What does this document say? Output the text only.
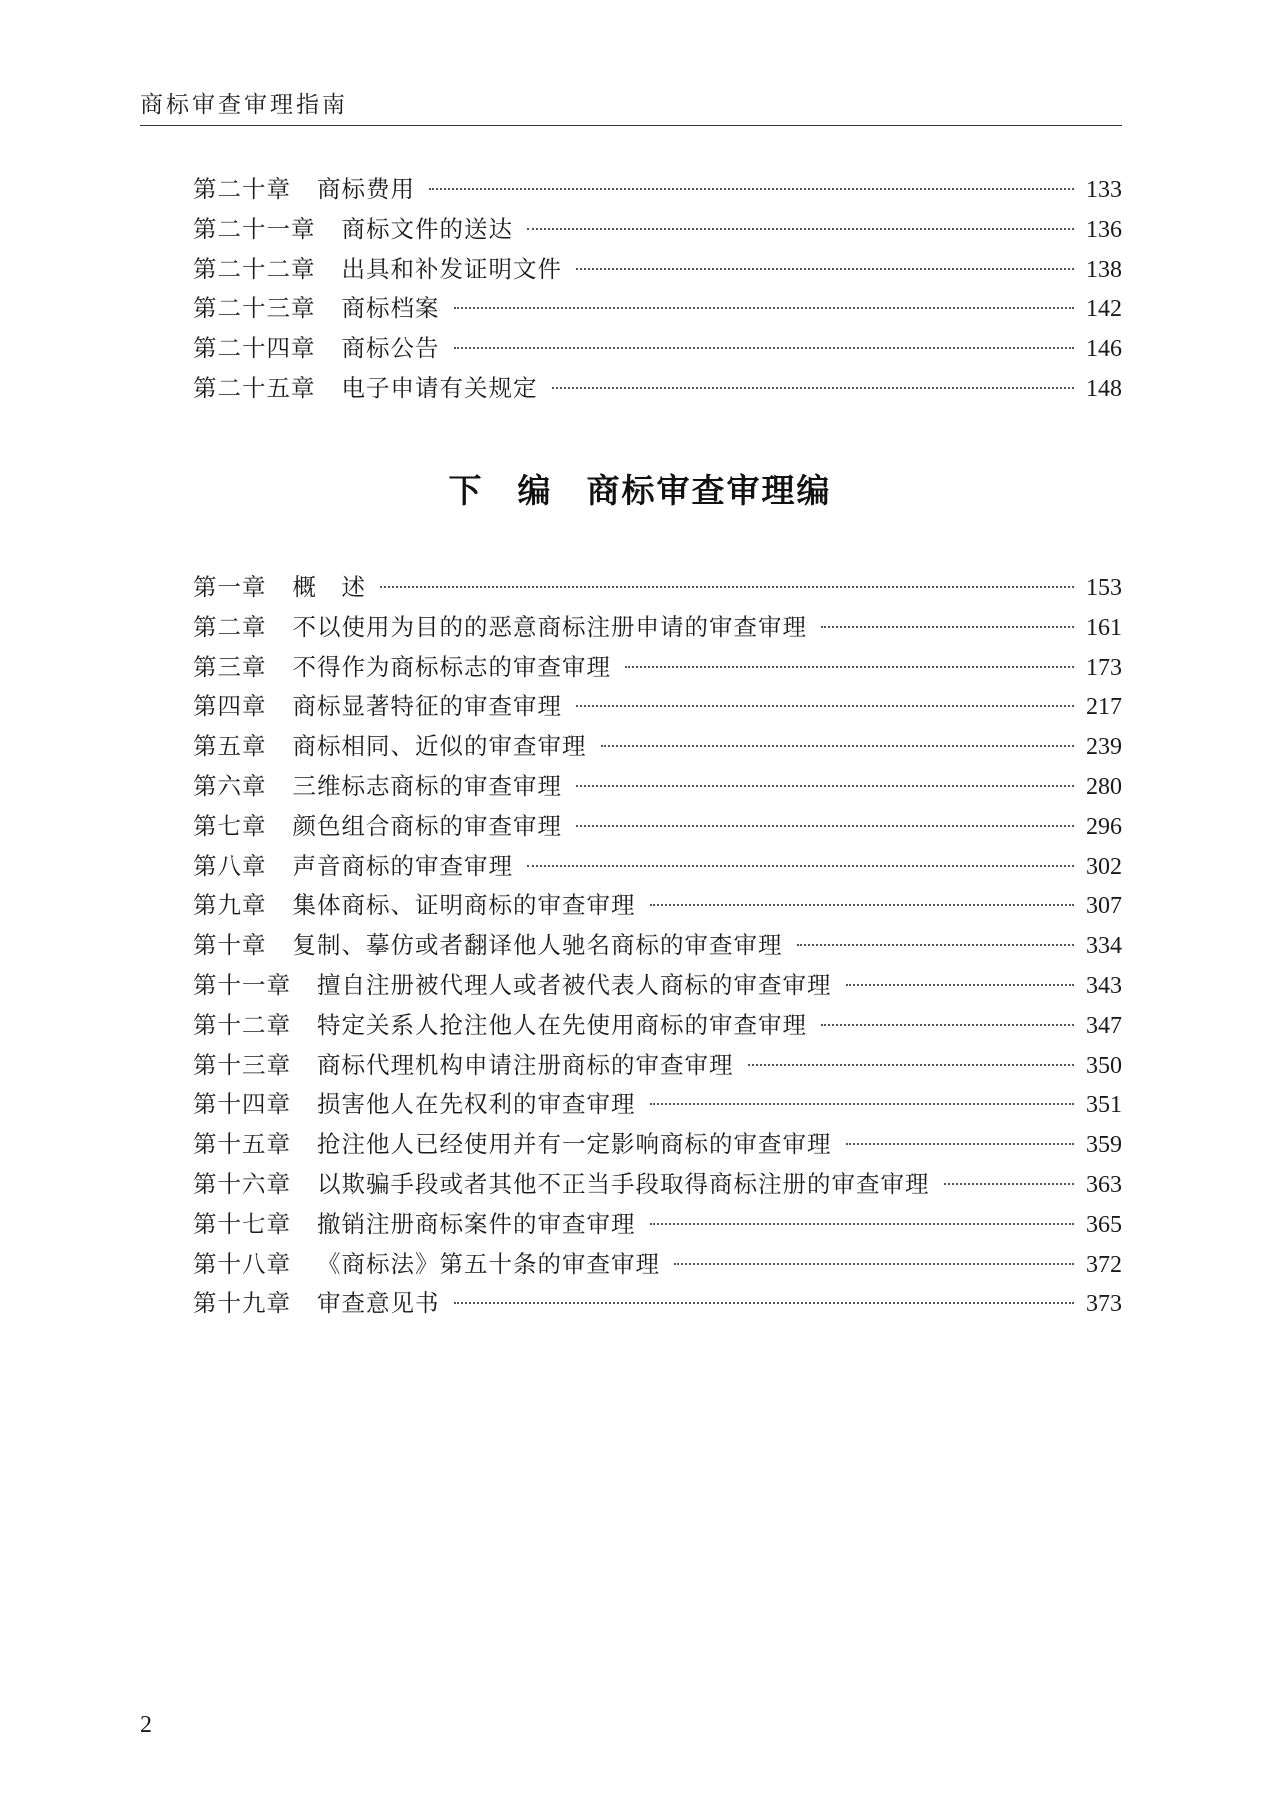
商标审查审理指南
第二十章 商标费用	133
第二十一章 商标文件的送达	136
第二十二章 出具和补发证明文件	138
第二十三章 商标档案	142
第二十四章 商标公告	146
第二十五章 电子申请有关规定	148
下 编 商标审查审理编
第一章 概　述	153
第二章 不以使用为目的的恶意商标注册申请的审查审理	161
第三章 不得作为商标标志的审查审理	173
第四章 商标显著特征的审查审理	217
第五章 商标相同、近似的审查审理	239
第六章 三维标志商标的审查审理	280
第七章 颜色组合商标的审查审理	296
第八章 声音商标的审查审理	302
第九章 集体商标、证明商标的审查审理	307
第十章 复制、摹仿或者翻译他人驰名商标的审查审理	334
第十一章 擅自注册被代理人或者被代表人商标的审查审理	343
第十二章 特定关系人抢注他人在先使用商标的审查审理	347
第十三章 商标代理机构申请注册商标的审查审理	350
第十四章 损害他人在先权利的审查审理	351
第十五章 抢注他人已经使用并有一定影响商标的审查审理	359
第十六章 以欺骗手段或者其他不正当手段取得商标注册的审查审理	363
第十七章 撤销注册商标案件的审查审理	365
第十八章 《商标法》第五十条的审查审理	372
第十九章 审查意见书	373
2
